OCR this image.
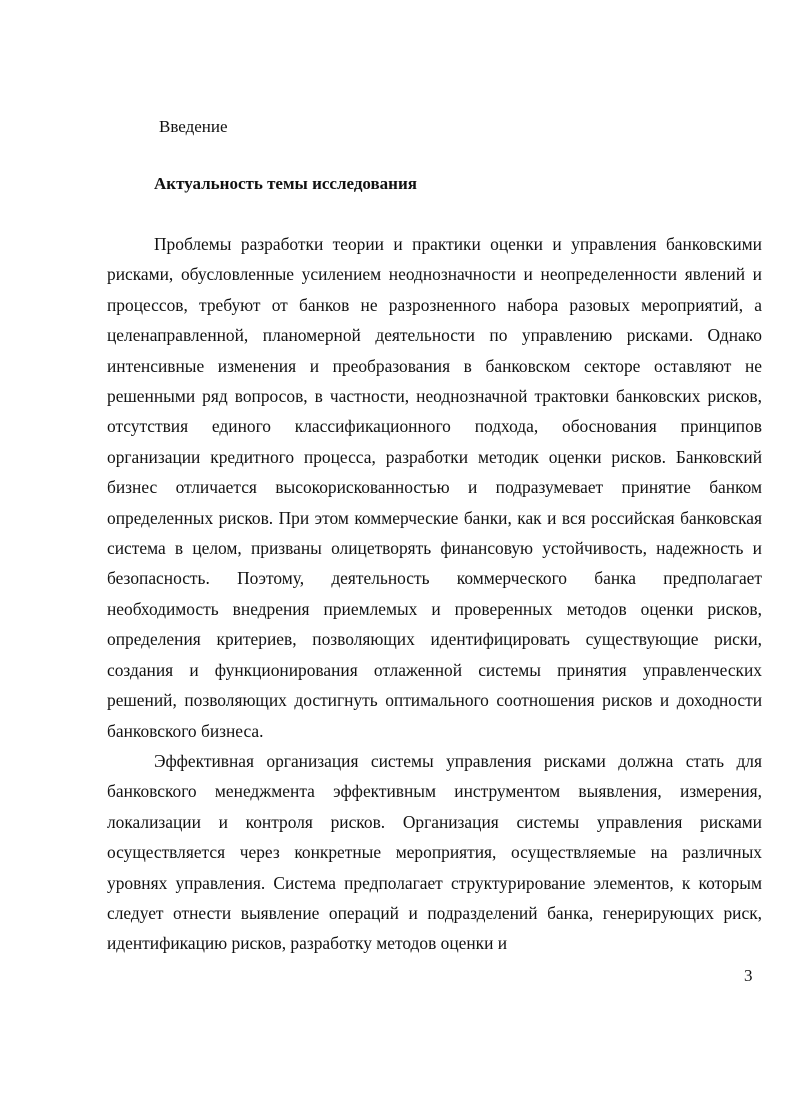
Введение
Актуальность темы исследования

Проблемы разработки теории и практики оценки и управления банковскими рисками, обусловленные усилением неоднозначности и неопределенности явлений и процессов, требуют от банков не разрозненного набора разовых мероприятий, а целенаправленной, планомерной деятельности по управлению рисками. Однако интенсивные изменения и преобразования в банковском секторе оставляют не решенными ряд вопросов, в частности, неоднозначной трактовки банковских рисков, отсутствия единого классификационного подхода, обоснования принципов организации кредитного процесса, разработки методик оценки рисков. Банковский бизнес отличается высокорискованностью и подразумевает принятие банком определенных рисков. При этом коммерческие банки, как и вся российская банковская система в целом, призваны олицетворять финансовую устойчивость, надежность и безопасность. Поэтому, деятельность коммерческого банка предполагает необходимость внедрения приемлемых и проверенных методов оценки рисков, определения критериев, позволяющих идентифицировать существующие риски, создания и функционирования отлаженной системы принятия управленческих решений, позволяющих достигнуть оптимального соотношения рисков и доходности банковского бизнеса.

Эффективная организация системы управления рисками должна стать для банковского менеджмента эффективным инструментом выявления, измерения, локализации и контроля рисков. Организация системы управления рисками осуществляется через конкретные мероприятия, осуществляемые на различных уровнях управления. Система предполагает структурирование элементов, к которым следует отнести выявление операций и подразделений банка, генерирующих риск, идентификацию рисков, разработку методов оценки и

3
